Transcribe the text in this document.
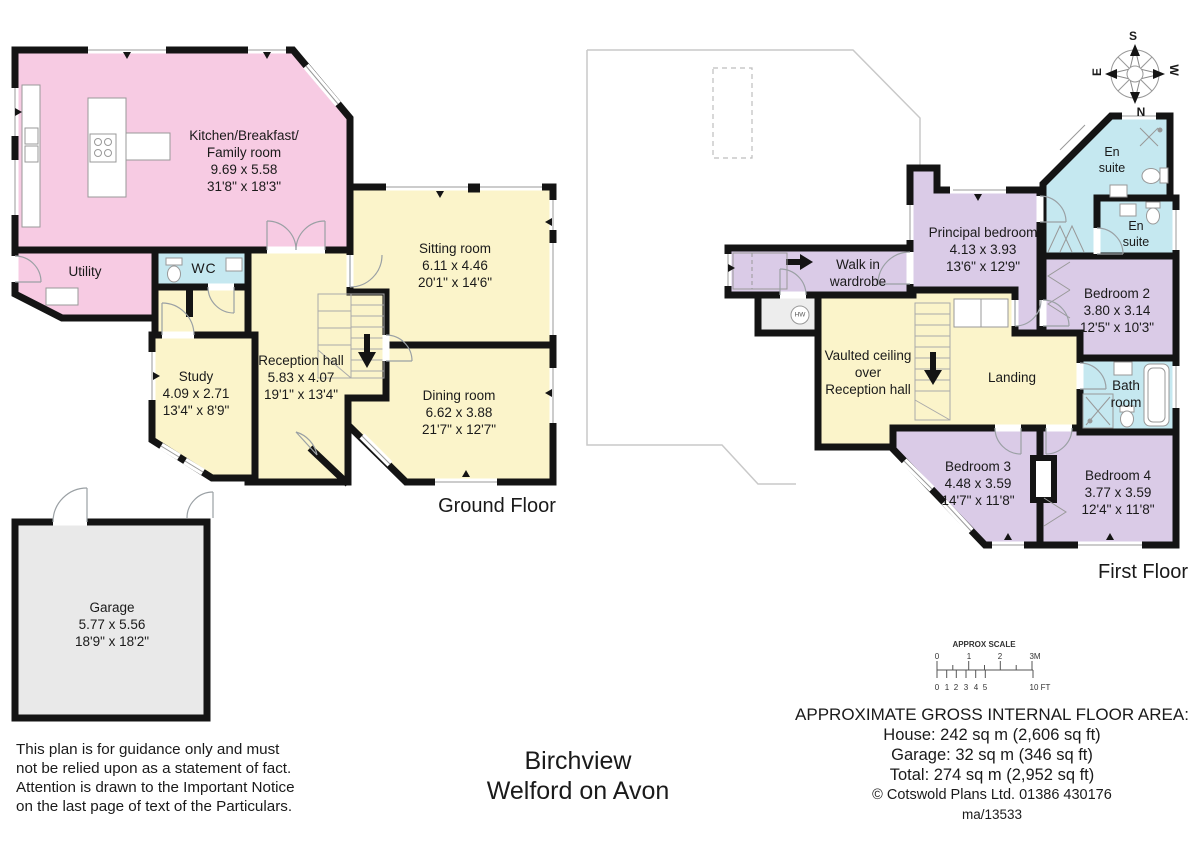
Kitchen/Breakfast/
Family room
9.69 x 5.58
31'8" x 18'3"
Utility	WC
Sitting room
6.11 x 4.46
20'1" x 14'6"
Reception hall
5.83 x 4.07
19'1" x 13'4"
Study
4.09 x 2.71
13'4" x 8'9"
Dining room
6.62 x 3.88
21'7" x 12'7"
Garage
5.77 x 5.56
18'9" x 18'2"
Principal bedroom
4.13 x 3.93
13'6" x 12'9"
Walk in
wardrobe
En
suite
En
suite
Bedroom 2
3.80 x 3.14
12'5" x 10'3"
Bath
room
Landing
Vaulted ceiling
over
Reception hall
Bedroom 3
4.48 x 3.59
14'7" x 11'8"
Bedroom 4
3.77 x 3.59
12'4" x 11'8"
HW
Ground Floor
First Floor
S
N
E	W
APPROX SCALE
0	1	2	3M
0 1 2 3 4 5	10 FT
APPROXIMATE GROSS INTERNAL FLOOR AREA:
House: 242 sq m (2,606 sq ft)
Garage: 32 sq m (346 sq ft)
Total: 274 sq m (2,952 sq ft)
© Cotswold Plans Ltd. 01386 430176
ma/13533
This plan is for guidance only and must
not be relied upon as a statement of fact.
Attention is drawn to the Important Notice
on the last page of text of the Particulars.
Birchview
Welford on Avon
